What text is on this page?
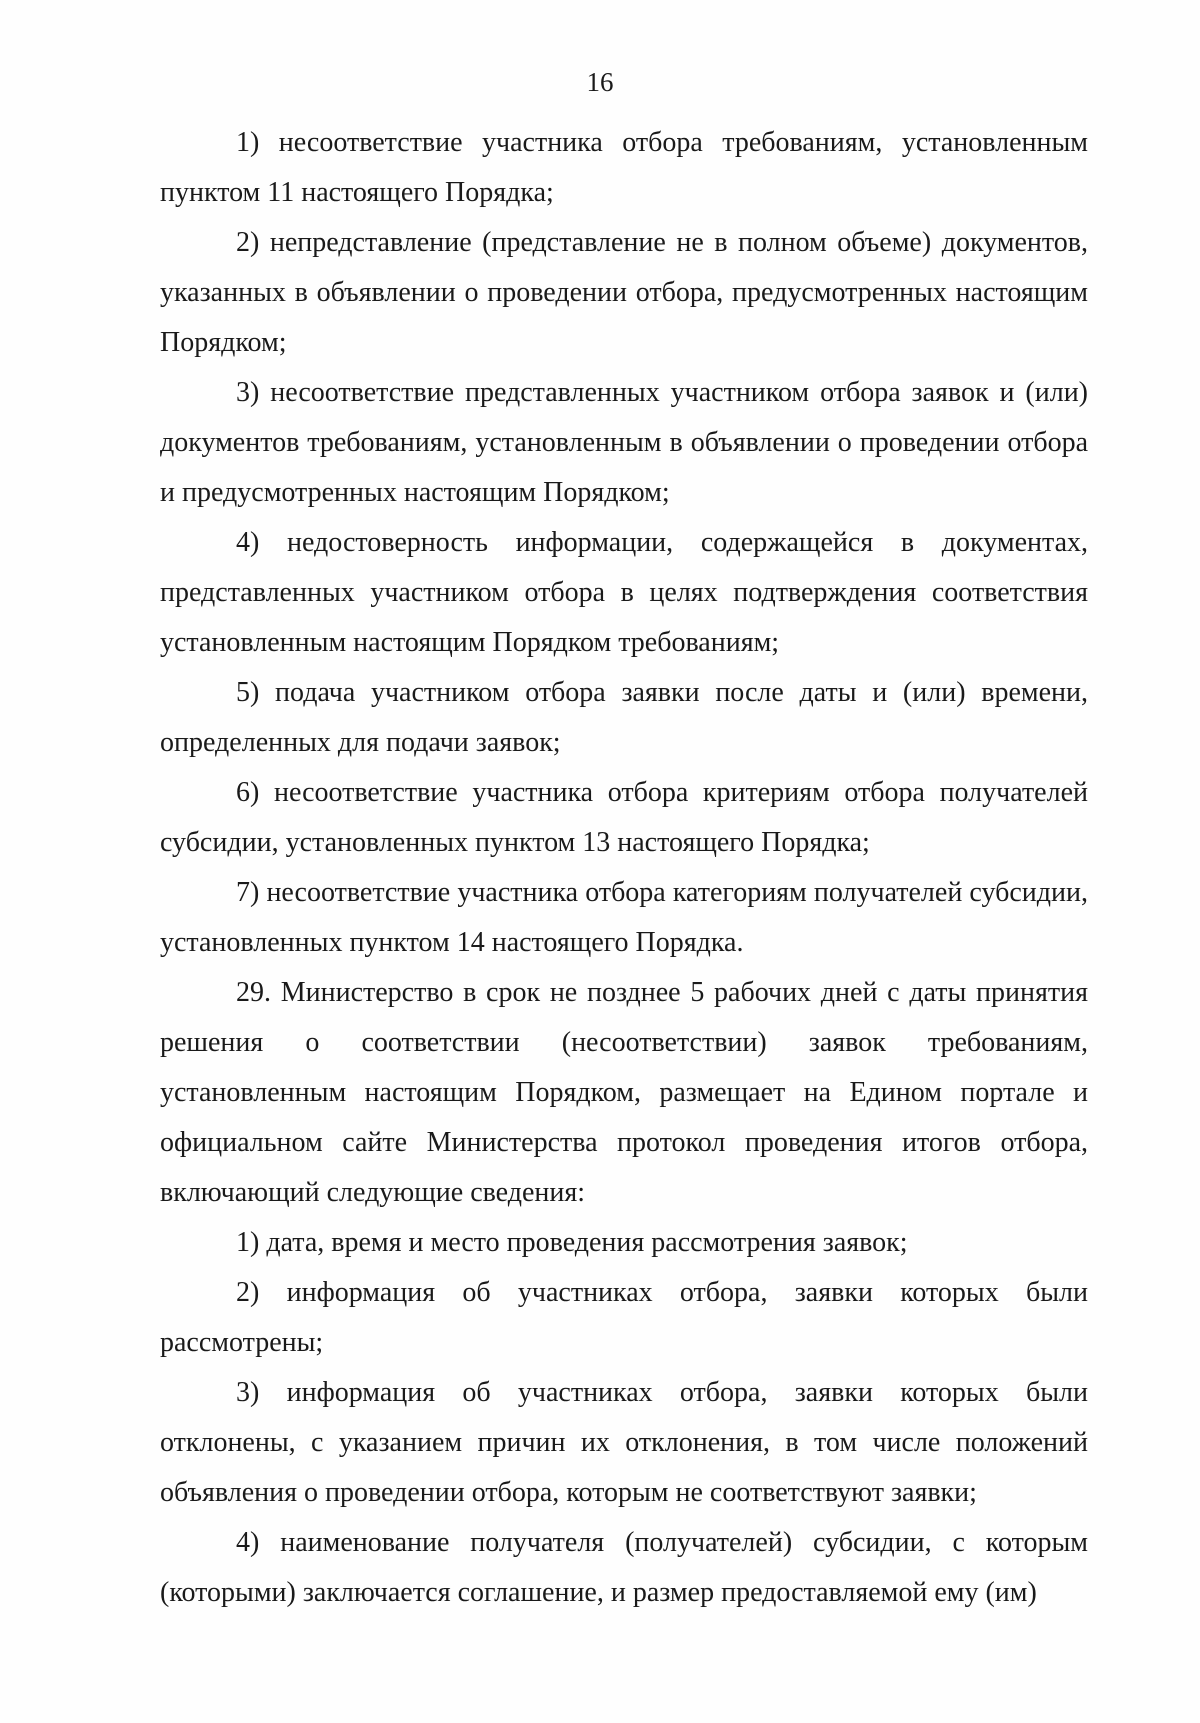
16

1) несоответствие участника отбора требованиям, установленным пунктом 11 настоящего Порядка;

2) непредставление (представление не в полном объеме) документов, указанных в объявлении о проведении отбора, предусмотренных настоящим Порядком;

3) несоответствие представленных участником отбора заявок и (или) документов требованиям, установленным в объявлении о проведении отбора и предусмотренных настоящим Порядком;

4) недостоверность информации, содержащейся в документах, представленных участником отбора в целях подтверждения соответствия установленным настоящим Порядком требованиям;

5) подача участником отбора заявки после даты и (или) времени, определенных для подачи заявок;

6) несоответствие участника отбора критериям отбора получателей субсидии, установленных пунктом 13 настоящего Порядка;

7) несоответствие участника отбора категориям получателей субсидии, установленных пунктом 14 настоящего Порядка.

29. Министерство в срок не позднее 5 рабочих дней с даты принятия решения о соответствии (несоответствии) заявок требованиям, установленным настоящим Порядком, размещает на Едином портале и официальном сайте Министерства протокол проведения итогов отбора, включающий следующие сведения:

1) дата, время и место проведения рассмотрения заявок;

2) информация об участниках отбора, заявки которых были рассмотрены;

3) информация об участниках отбора, заявки которых были отклонены, с указанием причин их отклонения, в том числе положений объявления о проведении отбора, которым не соответствуют заявки;

4) наименование получателя (получателей) субсидии, с которым (которыми) заключается соглашение, и размер предоставляемой ему (им)
